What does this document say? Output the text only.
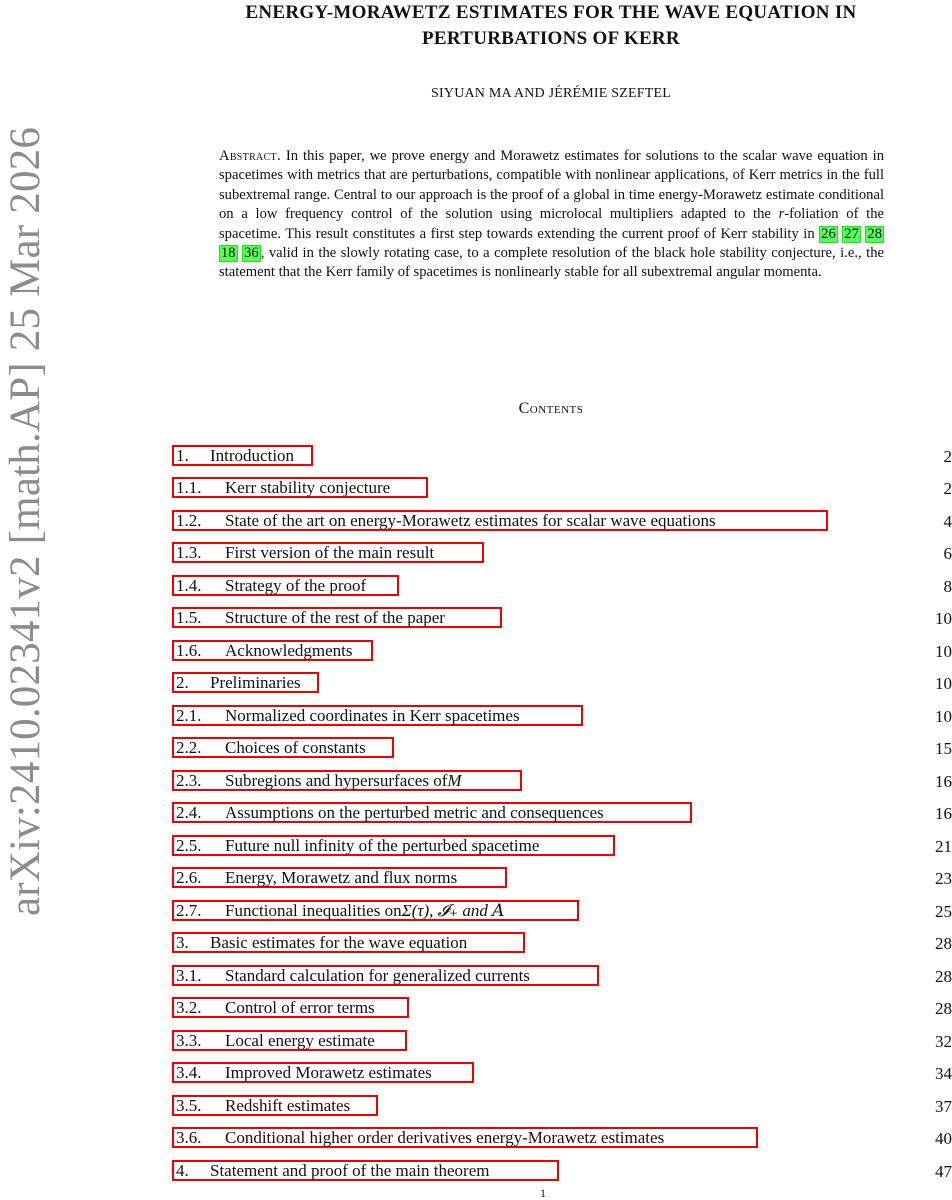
arXiv:2410.02341v2 [math.AP] 25 Mar 2026
ENERGY-MORAWETZ ESTIMATES FOR THE WAVE EQUATION IN
PERTURBATIONS OF KERR
SIYUAN MA AND JÉRÉMIE SZEFTEL
Abstract. In this paper, we prove energy and Morawetz estimates for solutions to the scalar wave equation in spacetimes with metrics that are perturbations, compatible with nonlinear applications, of Kerr metrics in the full subextremal range. Central to our approach is the proof of a global in time energy-Morawetz estimate conditional on a low frequency control of the solution using microlocal multipliers adapted to the r-foliation of the spacetime. This result constitutes a first step towards extending the current proof of Kerr stability in 26 27 28 18 36 , valid in the slowly rotating case, to a complete resolution of the black hole stability conjecture, i.e., the statement that the Kerr family of spacetimes is nonlinearly stable for all subextremal angular momenta.
Contents
1.	Introduction	2
1.1.	Kerr stability conjecture	2
1.2.	State of the art on energy-Morawetz estimates for scalar wave equations	4
1.3.	First version of the main result	6
1.4.	Strategy of the proof	8
1.5.	Structure of the rest of the paper	10
1.6.	Acknowledgments	10
2.	Preliminaries	10
2.1.	Normalized coordinates in Kerr spacetimes	10
2.2.	Choices of constants	15
2.3.	Subregions and hypersurfaces of M	16
2.4.	Assumptions on the perturbed metric and consequences	16
2.5.	Future null infinity of the perturbed spacetime	21
2.6.	Energy, Morawetz and flux norms	23
2.7.	Functional inequalities on Σ(τ), 𝓘₊ and 𝐴	25
3.	Basic estimates for the wave equation	28
3.1.	Standard calculation for generalized currents	28
3.2.	Control of error terms	28
3.3.	Local energy estimate	32
3.4.	Improved Morawetz estimates	34
3.5.	Redshift estimates	37
3.6.	Conditional higher order derivatives energy-Morawetz estimates	40
4.	Statement and proof of the main theorem	47
1
